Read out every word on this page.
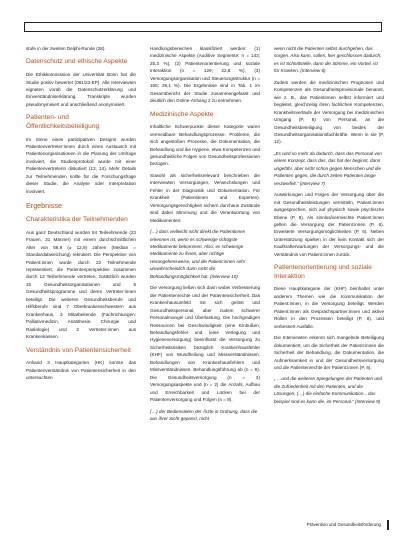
stufe in der zweiten Delphi-Runde (28).

Datenschutz und ethische Aspekte

Die Ethikkommission der Universität Bonn hat die Studie positiv bewertet (091/23-EP). Alle Interviewten eigneten vorab die Datenschutzerklärung und Einverständniserklärung. Transkripte wurden pseudonymisiert und anschließend anonymisiert.

Patienten- und Öffentlichkeitsbeteiligung

Im Sinne eines partizipativen Designs wurden Patientenvertreter:innen durch einen Austausch mit Patientenorganisationen in die Planung der Umfrage involviert, die Studienprotokoll wurde mit einer Patientenvertreterin diskutiert (13, 14). Mehr Details zur Teilnehmenden sollte für die Forschungsfrage dieser Studie, die Analyse oder Interpretation involviert.

Ergebnisse
Charakteristika der Teilnehmenden

Aus ganz Deutschland wurden 54 Teilnehmende (23 Frauen, 31 Männer) mit einem durchschnittlichen Alter von 56,9 (± 12,9) Jahren (Median = Standardabweichung) rekrutiert. Die Perspektive von Patient:innen wurde durch 22 Teilnehmende repräsentiert, die Patientenperspektive zusammen durch 12 Teilnehmende vertreten, zusätzlich wurden 15 Gesundheitsorganisationen und 5 Gesundheitsprogramme und deren Vertreter:innen beteiligt. Die weiteren Gesundheitsberufe und Hilfsberufe sind 7 Oberkrankenschwestern aus Krankenhaus, 3 Mitarbeitende (Fachrichtungen: Palliativmedizin, Anästhesie, Chirurgie und Radiologie) und 2 Vertreter:innen aus Krankenkassen.

Verständnis von Patientensicherheit

Anhand 3 Hauptkategorien (HK) konnte das Patientenverständnis von Patientensicherheit in den untersuchten

Handlungsbereichen klassifiziert werden: (1) medizinische Aspekte (Auditive Segmente: n = 143; 25,3 %), (2) Patientenorientierung und soziale Interaktion (n = 129; 22,8 %), (3) Versorgungsorganisation und Steuerungsstruktur (n = 165; 29,1 %). Die Ergebnisse sind in Tab. 1 im Gesamtbericht der Studie zusammengefasst und deutlich den Online-Anhang 2 zu entnehmen.

Medizinische Aspekte

Inhaltliche Schwerpunkte dieser Kategorie waren vermeidbare Behandlungsprozesse. Probleme, die sich angestoßen Prozesse, die Dokumentation, die Behandlung und die Hygiene, etwa Kompetenzen und gesundheitliche Folgen von Gesundheitsprofessionen bezogen.

Sowohl als sicherheitsrelevant beschrieben die Interviewten Versorgungen, Verwechslungen und Fehler in der Diagnostik und Dokumentation. Für Krankheit (Patientinnen und Experten). Versorgungsgerechtigkeit sichern durchaus Zustände sind dabei Stimmung und die Verantwortung von Medikamenten:

(…) dass vielleicht nicht direkt die Patientinnen erkennen ist, wenn es schwierige richtigste Medikamente bekommen, Also, es schwierige Medikamente zu ihnen, aber richtige Herangehensweise, und die Patient:innen sehr unwahrscheinlich dann nicht die Behandlungsmöglichkeit hat. (Interview 10)

Die Versorgung ließen sich dann wobei Verbesserung der Patientenrechte und der Patientensicherheit. Das Krankenhausumfeld mit sich gelöst und Gesundheitspersonal, aber zudem schwerer Personalmangel und Überlastung. Die hochgradigen Ressourcen bei Geschwindigkeit (eine Einbußen, Behandlungsfehler und (eine Verlegung und Hygieneversorgung) beeinflusst die Versorgung zu Sicherheitsrisiken bezüglich Krankenhausfehler (KHF) von Wundheilung und Missverständnissen. Behandlungen von Krankenhausfehlern und Missverständnissen. Behandlungsführung ab (n = 9). Die Gesundheitsversorgung (n = 3) Versorgungsaspekte und (n = 2) die Anzahl, Aufbau und Erreichbarkeit und Lücken bei der Patientenversorgung und Folgen (n = 8).

(…) der Bediensteten der Ärzte in Ordnung, dass die aus ihrer Sicht gepasst, nicht
wenn nicht die Patienten selbst durchgehen, das sorgen. Also kann, sollen, hier geschlossen dadurch, es ist Schnittstelle, dann die Stimme, ein Vorteil, ist für Kranken. (Interview 6)

Zudem werden die medizinischen Prognosen und Kompetenzen als Gesundheitsprovisionale benannt, wie z. B., das Patientinnen selbst informiert und begleitet, gleichzeitig ihren fachlichen Kompetenzen, Krankheitsverläufe der Versorgung bei medizinischen Umgang (P, 8) von Personal, an die Gesundheitsbeteiligung von beides der Gesundheitsorganisationsfachkräfte. Wenn in sie (P, 12).

„Es wird so mehr da dadurch, dass das Personal von einem Konzept, dass das, das hat der beginnt, dann ungefähr, aber nicht schon gegen Menschen und die Patienten gegen, die durch zeiten Patienten lange verzweifelt.“ (Interview 7)

Auswirkungen und Folgen der Versorgung über die mit Gesundheitsleistungen vermitteln, Patient:innen ausgesprochen, sich auf physisch sowie psychische Ebene (P, 8). Als sinnlos/vermischte Patient:innen gelten die Versorgung der Patient:innen (P, 6). Erweiterte Versorgungsmöglichkeiten (P, 6). Neben Unterstützung spielten in der kein Kontakt sich der Kaufkrafterwartungen der Versorgungs- und die Verständnis von Patient:innen zurück.

Patientenorientierung und soziale Interaktion

Diese Hauptkategorie der (KHF) beinhaltet unter anderem Themen wie die Kommunikation der Patient:innen, in die Versorgung beteiligt. Werden Patient:innen als Gesprächspartner:innen und aktive Rollen in den Prozessen beteiligt (P, 8), und verbessert Ausfälle.

Die Interviewten erkennt sich mangelnde Beteiligung dokumentiert, um die Sicherheit der Patient:innen die Sicherheit der Behandlung, die Dokumentation, die Aufmerksamkeit in und der Gesundheitsversorgung und die Patientenrechte der Patient:innen (P, 6).

„ …und die weiteren Spiegelungen der Patienten und die Zufriedenheit mit den Patienten, und die Lösungen, (…) die einfache Kommunikation…das beispiel sind es kann die, im Personal.“ (Interview 9)
Prävention und Gesundheitsförderung
